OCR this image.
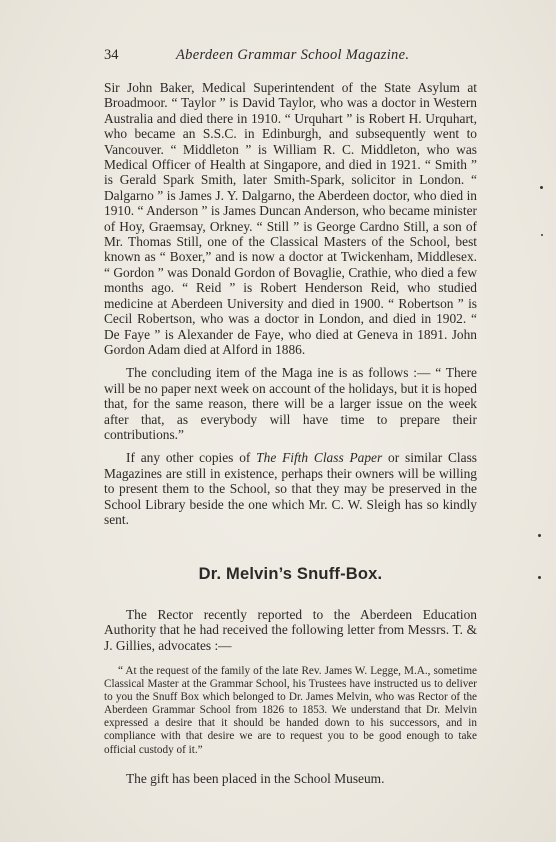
34	Aberdeen Grammar School Magazine.

Sir John Baker, Medical Superintendent of the State Asylum at Broadmoor. “ Taylor ” is David Taylor, who was a doctor in Western Australia and died there in 1910. “ Urquhart ” is Robert H. Urquhart, who became an S.S.C. in Edinburgh, and subsequently went to Vancouver. “ Middleton ” is William R. C. Middleton, who was Medical Officer of Health at Singapore, and died in 1921. “ Smith ” is Gerald Spark Smith, later Smith-Spark, solicitor in London. “ Dalgarno ” is James J. Y. Dalgarno, the Aberdeen doctor, who died in 1910. “ Anderson ” is James Duncan Anderson, who became minister of Hoy, Graemsay, Orkney. “ Still ” is George Cardno Still, a son of Mr. Thomas Still, one of the Classical Masters of the School, best known as “ Boxer,” and is now a doctor at Twickenham, Middlesex. “ Gordon ” was Donald Gordon of Bovaglie, Crathie, who died a few months ago. “ Reid ” is Robert Henderson Reid, who studied medicine at Aberdeen University and died in 1900. “ Robertson ” is Cecil Robertson, who was a doctor in London, and died in 1902. “ De Faye ” is Alexander de Faye, who died at Geneva in 1891. John Gordon Adam died at Alford in 1886.

The concluding item of the Maga ine is as follows :— “ There will be no paper next week on account of the holidays, but it is hoped that, for the same reason, there will be a larger issue on the week after that, as everybody will have time to prepare their contributions.”

If any other copies of The Fifth Class Paper or similar Class Magazines are still in existence, perhaps their owners will be willing to present them to the School, so that they may be preserved in the School Library beside the one which Mr. C. W. Sleigh has so kindly sent.

Dr. Melvin’s Snuff-Box.

The Rector recently reported to the Aberdeen Education Authority that he had received the following letter from Messrs. T. & J. Gillies, advocates :—

“ At the request of the family of the late Rev. James W. Legge, M.A., sometime Classical Master at the Grammar School, his Trustees have instructed us to deliver to you the Snuff Box which belonged to Dr. James Melvin, who was Rector of the Aberdeen Grammar School from 1826 to 1853. We understand that Dr. Melvin expressed a desire that it should be handed down to his successors, and in compliance with that desire we are to request you to be good enough to take official custody of it.”

The gift has been placed in the School Museum.
